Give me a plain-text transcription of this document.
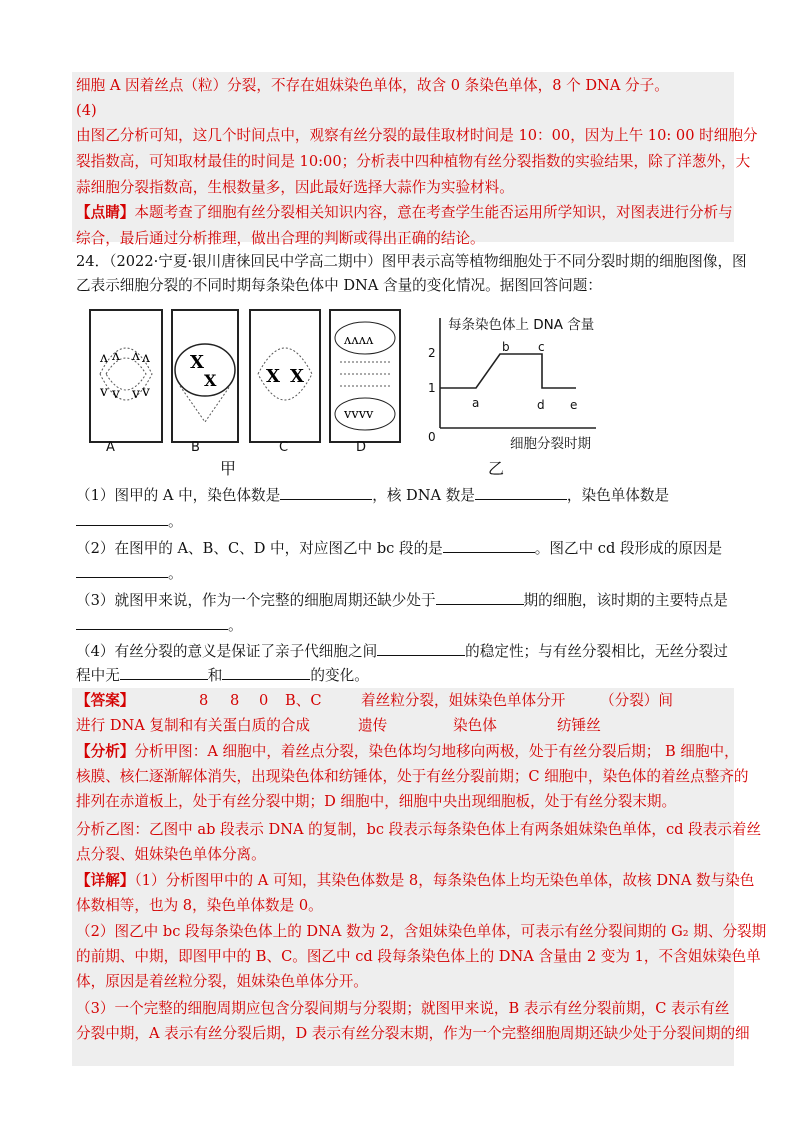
细胞 A 因着丝点（粒）分裂，不存在姐妹染色单体，故含 0 条染色单体，8 个 DNA 分子。
(4)
由图乙分析可知，这几个时间点中，观察有丝分裂的最佳取材时间是 10：00，因为上午 10: 00 时细胞分
裂指数高，可知取材最佳的时间是 10:00；分析表中四种植物有丝分裂指数的实验结果，除了洋葱外，大
蒜细胞分裂指数高，生根数量多，因此最好选择大蒜作为实验材料。
【点睛】本题考查了细胞有丝分裂相关知识内容，意在考查学生能否运用所学知识，对图表进行分析与
综合，最后通过分析推理，做出合理的判断或得出正确的结论。
24．（2022·宁夏·银川唐徕回民中学高二期中）图甲表示高等植物细胞处于不同分裂时期的细胞图像，图
乙表示细胞分裂的不同时期每条染色体中 DNA 含量的变化情况。据图回答问题：
ʌ ʌ ʌ ʌ
v v v v
X
X	X X
ʌʌʌʌ
vvvv
A	B	C	D
甲
每条染色体上 DNA 含量
2
1
0
a
b c
d e
细胞分裂时期
乙
（1）图甲的 A 中，染色体数是	，核 DNA 数是	，染色单体数是
。
（2）在图甲的 A、B、C、D 中，对应图乙中 bc 段的是	。图乙中 cd 段形成的原因是
。
（3）就图甲来说，作为一个完整的细胞周期还缺少处于	期的细胞，该时期的主要特点是
。
（4）有丝分裂的意义是保证了亲子代细胞之间	的稳定性；与有丝分裂相比，无丝分裂过
程中无	和	的变化。
【答案】	8 8 0 B、C	着丝粒分裂，姐妹染色单体分开 （分裂）间
进行 DNA 复制和有关蛋白质的合成	遗传	染色体	纺锤丝
【分析】分析甲图：A 细胞中，着丝点分裂，染色体均匀地移向两极，处于有丝分裂后期； B 细胞中，
核膜、核仁逐渐解体消失，出现染色体和纺锤体，处于有丝分裂前期；C 细胞中，染色体的着丝点整齐的
排列在赤道板上，处于有丝分裂中期；D 细胞中，细胞中央出现细胞板，处于有丝分裂末期。
分析乙图：乙图中 ab 段表示 DNA 的复制，bc 段表示每条染色体上有两条姐妹染色单体，cd 段表示着丝
点分裂、姐妹染色单体分离。
【详解】（1）分析图甲中的 A 可知，其染色体数是 8，每条染色体上均无染色单体，故核 DNA 数与染色
体数相等，也为 8，染色单体数是 0。
（2）图乙中 bc 段每条染色体上的 DNA 数为 2，含姐妹染色单体，可表示有丝分裂间期的 G₂ 期、分裂期
的前期、中期，即图甲中的 B、C。图乙中 cd 段每条染色体上的 DNA 含量由 2 变为 1，不含姐妹染色单
体，原因是着丝粒分裂，姐妹染色单体分开。
（3）一个完整的细胞周期应包含分裂间期与分裂期；就图甲来说，B 表示有丝分裂前期，C 表示有丝
分裂中期，A 表示有丝分裂后期，D 表示有丝分裂末期，作为一个完整细胞周期还缺少处于分裂间期的细
